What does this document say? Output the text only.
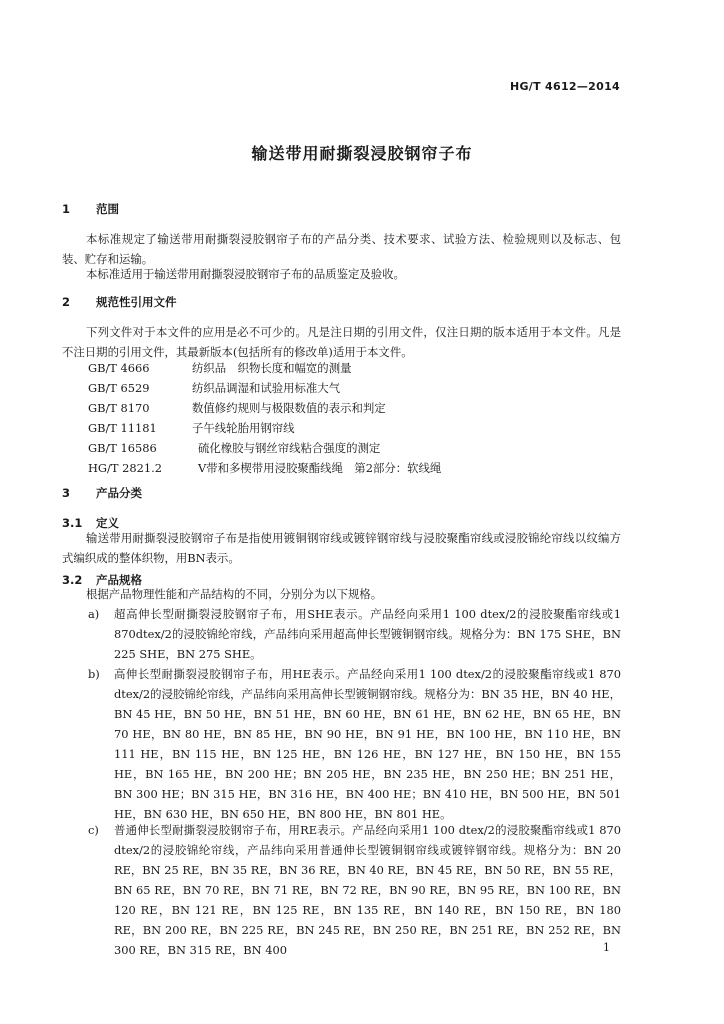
HG/T 4612—2014
输送带用耐撕裂浸胶钢帘子布
1 范围
本标准规定了输送带用耐撕裂浸胶钢帘子布的产品分类、技术要求、试验方法、检验规则以及标志、包装、贮存和运输。
本标准适用于输送带用耐撕裂浸胶钢帘子布的品质鉴定及验收。
2 规范性引用文件
下列文件对于本文件的应用是必不可少的。凡是注日期的引用文件，仅注日期的版本适用于本文件。凡是不注日期的引用文件，其最新版本(包括所有的修改单)适用于本文件。
GB/T 4666	纺织品　织物长度和幅宽的测量
GB/T 6529	纺织品调湿和试验用标准大气
GB/T 8170	数值修约规则与极限数值的表示和判定
GB/T 11181	子午线轮胎用钢帘线
GB/T 16586	硫化橡胶与钢丝帘线粘合强度的测定
HG/T 2821.2	V带和多楔带用浸胶聚酯线绳　第2部分：软线绳
3 产品分类
3.1 定义
输送带用耐撕裂浸胶钢帘子布是指使用镀铜钢帘线或镀锌钢帘线与浸胶聚酯帘线或浸胶锦纶帘线以纹编方式编织成的整体织物，用BN表示。
3.2 产品规格
根据产品物理性能和产品结构的不同，分别分为以下规格。
a) 超高伸长型耐撕裂浸胶钢帘子布，用SHE表示。产品经向采用1 100 dtex/2的浸胶聚酯帘线或1 870dtex/2的浸胶锦纶帘线，产品纬向采用超高伸长型镀铜钢帘线。规格分为：BN 175 SHE，BN 225 SHE，BN 275 SHE。
b) 高伸长型耐撕裂浸胶钢帘子布，用HE表示。产品经向采用1 100 dtex/2的浸胶聚酯帘线或1 870 dtex/2的浸胶锦纶帘线，产品纬向采用高伸长型镀铜钢帘线。规格分为：BN 35 HE，BN 40 HE，BN 45 HE，BN 50 HE，BN 51 HE，BN 60 HE，BN 61 HE，BN 62 HE，BN 65 HE，BN 70 HE，BN 80 HE，BN 85 HE，BN 90 HE，BN 91 HE，BN 100 HE，BN 110 HE，BN 111 HE，BN 115 HE，BN 125 HE，BN 126 HE，BN 127 HE，BN 150 HE，BN 155 HE，BN 165 HE，BN 200 HE；BN 205 HE，BN 235 HE，BN 250 HE；BN 251 HE，BN 300 HE；BN 315 HE，BN 316 HE，BN 400 HE；BN 410 HE，BN 500 HE，BN 501 HE，BN 630 HE，BN 650 HE，BN 800 HE，BN 801 HE。
c) 普通伸长型耐撕裂浸胶钢帘子布，用RE表示。产品经向采用1 100 dtex/2的浸胶聚酯帘线或1 870 dtex/2的浸胶锦纶帘线，产品纬向采用普通伸长型镀铜钢帘线或镀锌钢帘线。规格分为：BN 20 RE，BN 25 RE，BN 35 RE，BN 36 RE，BN 40 RE，BN 45 RE，BN 50 RE，BN 55 RE，BN 65 RE，BN 70 RE，BN 71 RE，BN 72 RE，BN 90 RE，BN 95 RE，BN 100 RE，BN 120 RE，BN 121 RE，BN 125 RE，BN 135 RE，BN 140 RE，BN 150 RE，BN 180 RE，BN 200 RE，BN 225 RE，BN 245 RE，BN 250 RE，BN 251 RE，BN 252 RE，BN 300 RE，BN 315 RE，BN 400	1
